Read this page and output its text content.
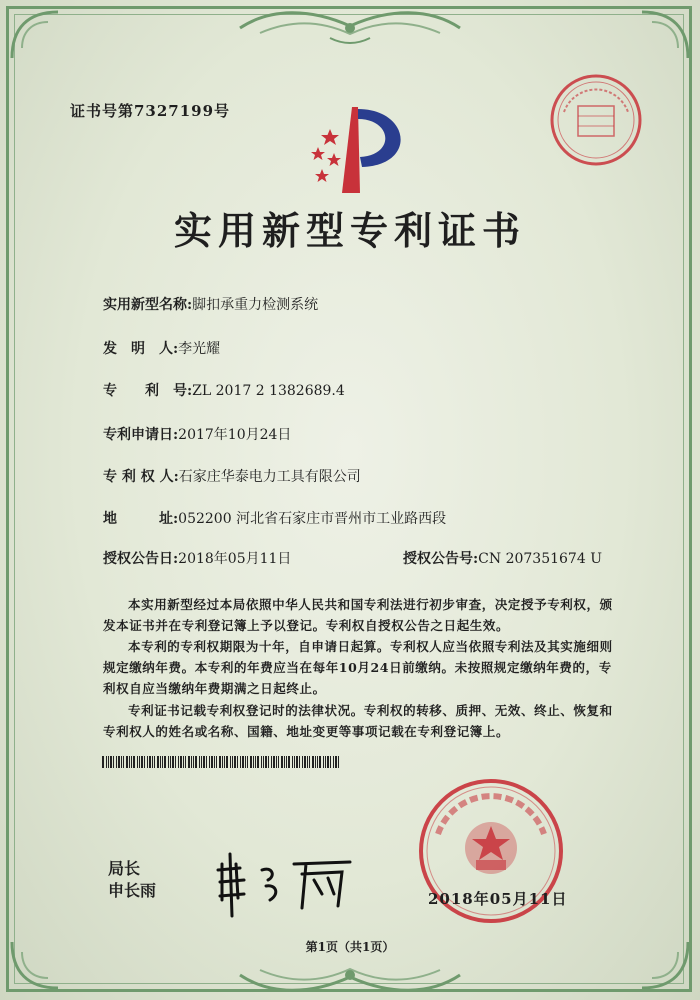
证书号第7327199号
实用新型专利证书
实用新型名称:脚扣承重力检测系统
发　明　人:李光耀
专　　利　号:ZL 2017 2 1382689.4
专利申请日:2017年10月24日
专 利 权 人:石家庄华泰电力工具有限公司
地　　　址:052200 河北省石家庄市晋州市工业路西段
授权公告日:2018年05月11日	授权公告号:CN 207351674 U
本实用新型经过本局依照中华人民共和国专利法进行初步审查，决定授予专利权，颁发本证书并在专利登记簿上予以登记。专利权自授权公告之日起生效。
本专利的专利权期限为十年，自申请日起算。专利权人应当依照专利法及其实施细则规定缴纳年费。本专利的年费应当在每年10月24日前缴纳。未按照规定缴纳年费的，专利权自应当缴纳年费期满之日起终止。
专利证书记载专利权登记时的法律状况。专利权的转移、质押、无效、终止、恢复和专利权人的姓名或名称、国籍、地址变更等事项记载在专利登记簿上。
局长
申长雨	2018年05月11日
第1页（共1页）
